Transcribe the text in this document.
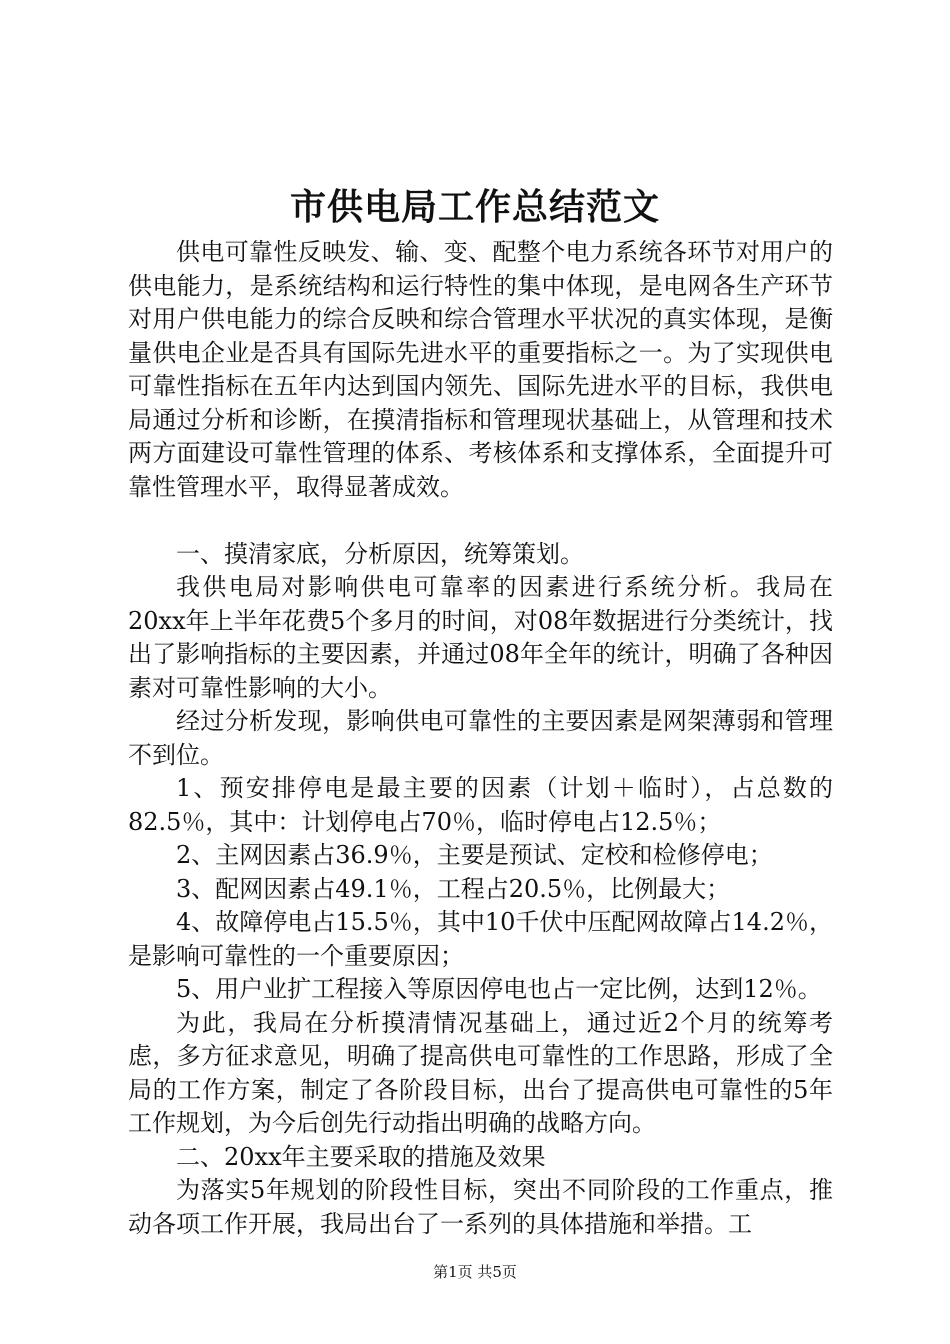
市供电局工作总结范文

供电可靠性反映发、输、变、配整个电力系统各环节对用户的供电能力，是系统结构和运行特性的集中体现，是电网各生产环节对用户供电能力的综合反映和综合管理水平状况的真实体现，是衡量供电企业是否具有国际先进水平的重要指标之一。为了实现供电可靠性指标在五年内达到国内领先、国际先进水平的目标，我供电局通过分析和诊断，在摸清指标和管理现状基础上，从管理和技术两方面建设可靠性管理的体系、考核体系和支撑体系，全面提升可靠性管理水平，取得显著成效。

一、摸清家底，分析原因，统筹策划。

我供电局对影响供电可靠率的因素进行系统分析。我局在20xx年上半年花费5个多月的时间，对08年数据进行分类统计，找出了影响指标的主要因素，并通过08年全年的统计，明确了各种因素对可靠性影响的大小。

经过分析发现，影响供电可靠性的主要因素是网架薄弱和管理不到位。

1、预安排停电是最主要的因素（计划＋临时），占总数的82.5％，其中：计划停电占70％，临时停电占12.5％；

2、主网因素占36.9％，主要是预试、定校和检修停电；

3、配网因素占49.1％，工程占20.5％，比例最大；

4、故障停电占15.5％，其中10千伏中压配网故障占14.2％，是影响可靠性的一个重要原因；

5、用户业扩工程接入等原因停电也占一定比例，达到12％。

为此，我局在分析摸清情况基础上，通过近2个月的统筹考虑，多方征求意见，明确了提高供电可靠性的工作思路，形成了全局的工作方案，制定了各阶段目标，出台了提高供电可靠性的5年工作规划，为今后创先行动指出明确的战略方向。

二、20xx年主要采取的措施及效果

为落实5年规划的阶段性目标，突出不同阶段的工作重点，推动各项工作开展，我局出台了一系列的具体措施和举措。工

第1页 共5页
